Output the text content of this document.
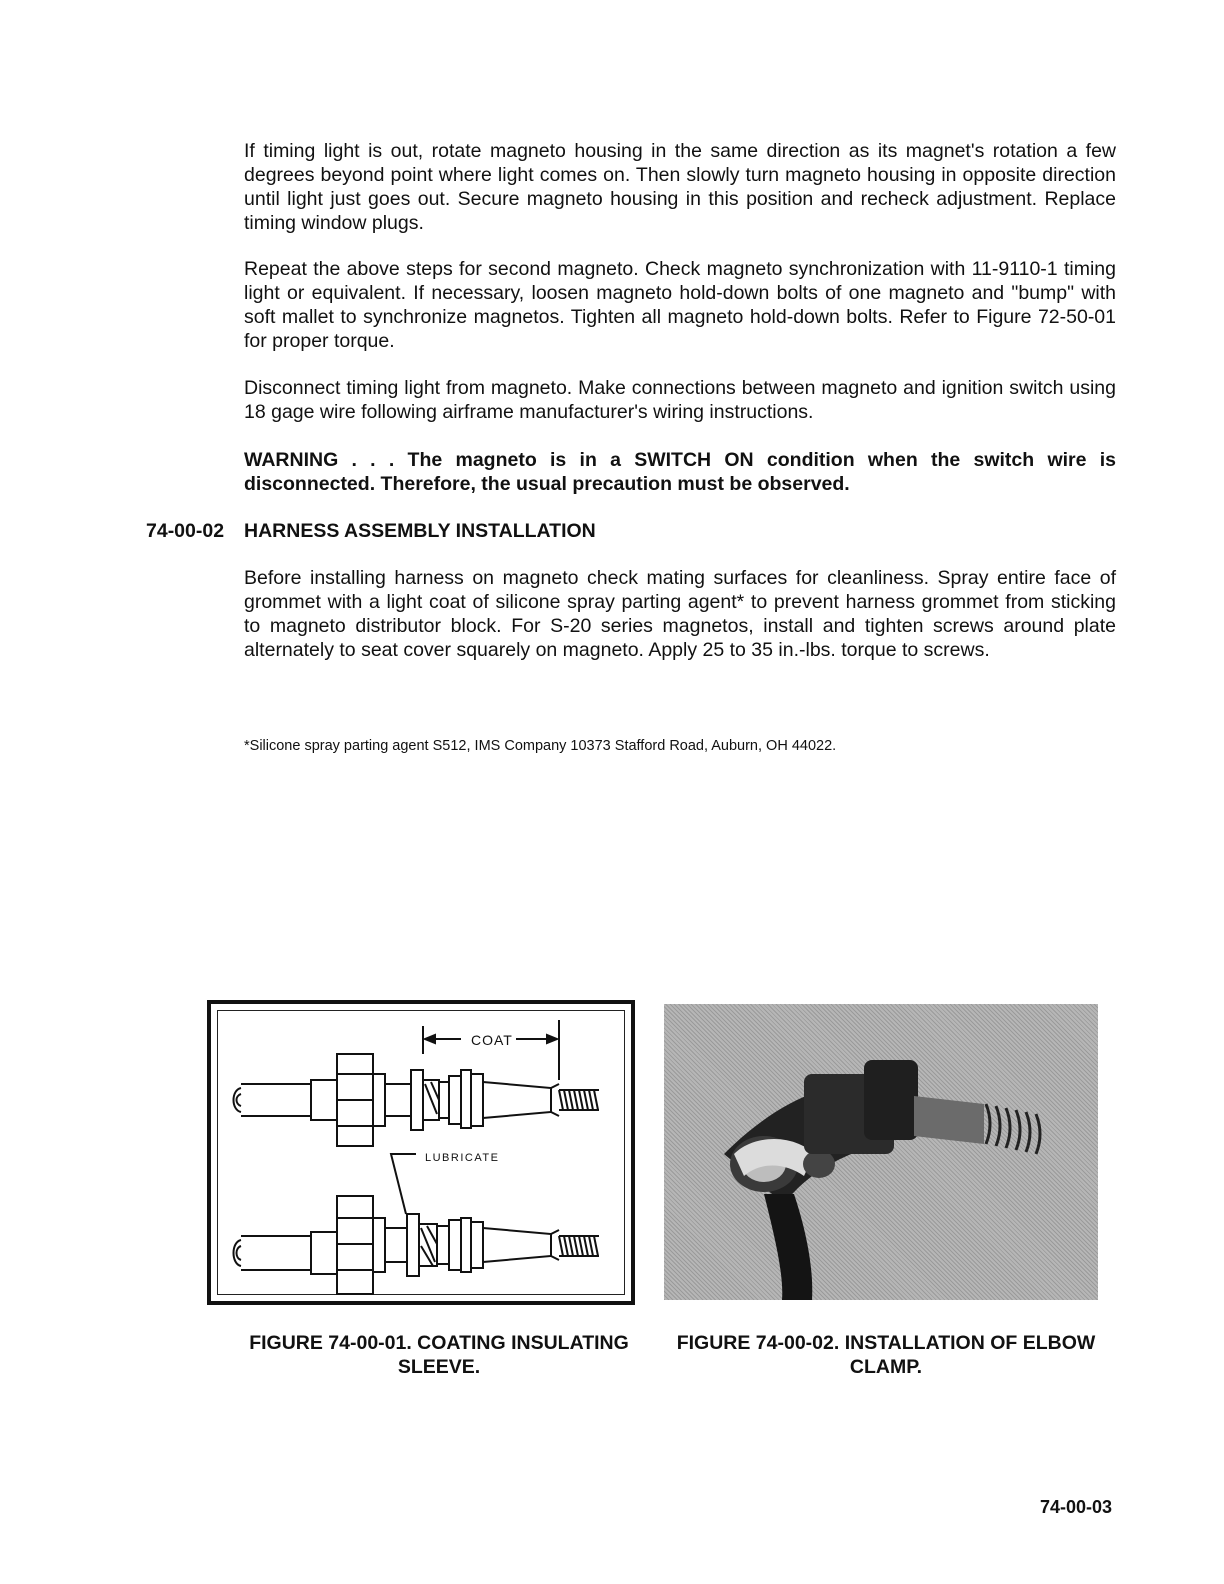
If timing light is out, rotate magneto housing in the same direction as its magnet's rotation a few degrees beyond point where light comes on. Then slowly turn magneto housing in opposite direction until light just goes out. Secure magneto housing in this position and recheck adjustment. Replace timing window plugs.

Repeat the above steps for second magneto. Check magneto synchronization with 11-9110-1 timing light or equivalent. If necessary, loosen magneto hold-down bolts of one magneto and "bump" with soft mallet to synchronize magnetos. Tighten all magneto hold-down bolts. Refer to Figure 72-50-01 for proper torque.

Disconnect timing light from magneto. Make connections between magneto and ignition switch using 18 gage wire following airframe manufacturer's wiring instructions.

WARNING . . . The magneto is in a SWITCH ON condition when the switch wire is disconnected. Therefore, the usual precaution must be observed.

74-00-02 HARNESS ASSEMBLY INSTALLATION

Before installing harness on magneto check mating surfaces for cleanliness. Spray entire face of grommet with a light coat of silicone spray parting agent* to prevent harness grommet from sticking to magneto distributor block. For S-20 series magnetos, install and tighten screws around plate alternately to seat cover squarely on magneto. Apply 25 to 35 in.-lbs. torque to screws.

*Silicone spray parting agent S512, IMS Company 10373 Stafford Road, Auburn, OH 44022.
COAT
LUBRICATE
FIGURE 74-00-01. COATING INSULATING
SLEEVE.
FIGURE 74-00-02. INSTALLATION OF ELBOW
CLAMP.
74-00-03
